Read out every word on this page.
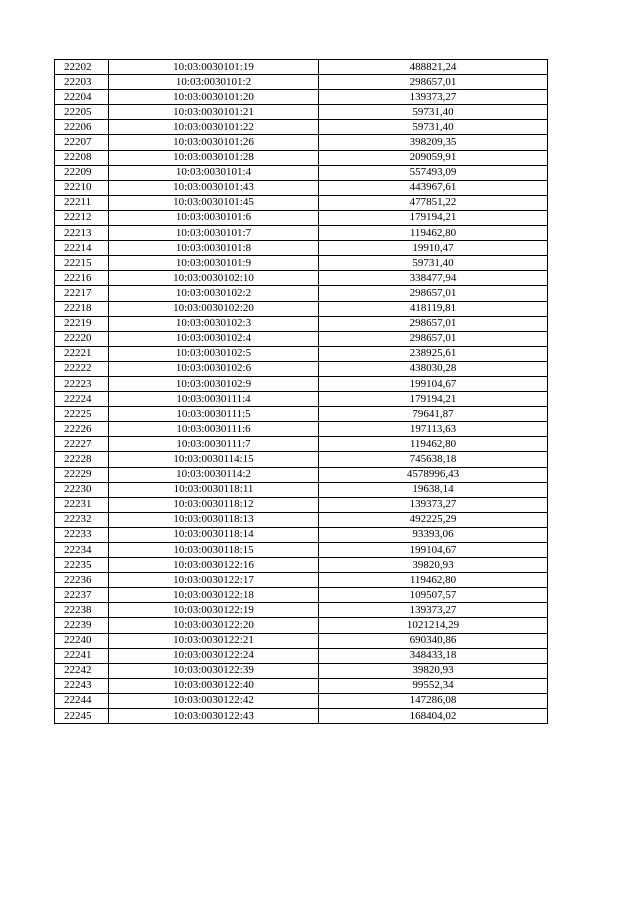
22202	10:03:0030101:19	488821,24
22203	10:03:0030101:2	298657,01
22204	10:03:0030101:20	139373,27
22205	10:03:0030101:21	59731,40
22206	10:03:0030101:22	59731,40
22207	10:03:0030101:26	398209,35
22208	10:03:0030101:28	209059,91
22209	10:03:0030101:4	557493,09
22210	10:03:0030101:43	443967,61
22211	10:03:0030101:45	477851,22
22212	10:03:0030101:6	179194,21
22213	10:03:0030101:7	119462,80
22214	10:03:0030101:8	19910,47
22215	10:03:0030101:9	59731,40
22216	10:03:0030102:10	338477,94
22217	10:03:0030102:2	298657,01
22218	10:03:0030102:20	418119,81
22219	10:03:0030102:3	298657,01
22220	10:03:0030102:4	298657,01
22221	10:03:0030102:5	238925,61
22222	10:03:0030102:6	438030,28
22223	10:03:0030102:9	199104,67
22224	10:03:0030111:4	179194,21
22225	10:03:0030111:5	79641,87
22226	10:03:0030111:6	197113,63
22227	10:03:0030111:7	119462,80
22228	10:03:0030114:15	745638,18
22229	10:03:0030114:2	4578996,43
22230	10:03:0030118:11	19638,14
22231	10:03:0030118:12	139373,27
22232	10:03:0030118:13	492225,29
22233	10:03:0030118:14	93393,06
22234	10:03:0030118:15	199104,67
22235	10:03:0030122:16	39820,93
22236	10:03:0030122:17	119462,80
22237	10:03:0030122:18	109507,57
22238	10:03:0030122:19	139373,27
22239	10:03:0030122:20	1021214,29
22240	10:03:0030122:21	690340,86
22241	10:03:0030122:24	348433,18
22242	10:03:0030122:39	39820,93
22243	10:03:0030122:40	99552,34
22244	10:03:0030122:42	147286,08
22245	10:03:0030122:43	168404,02
